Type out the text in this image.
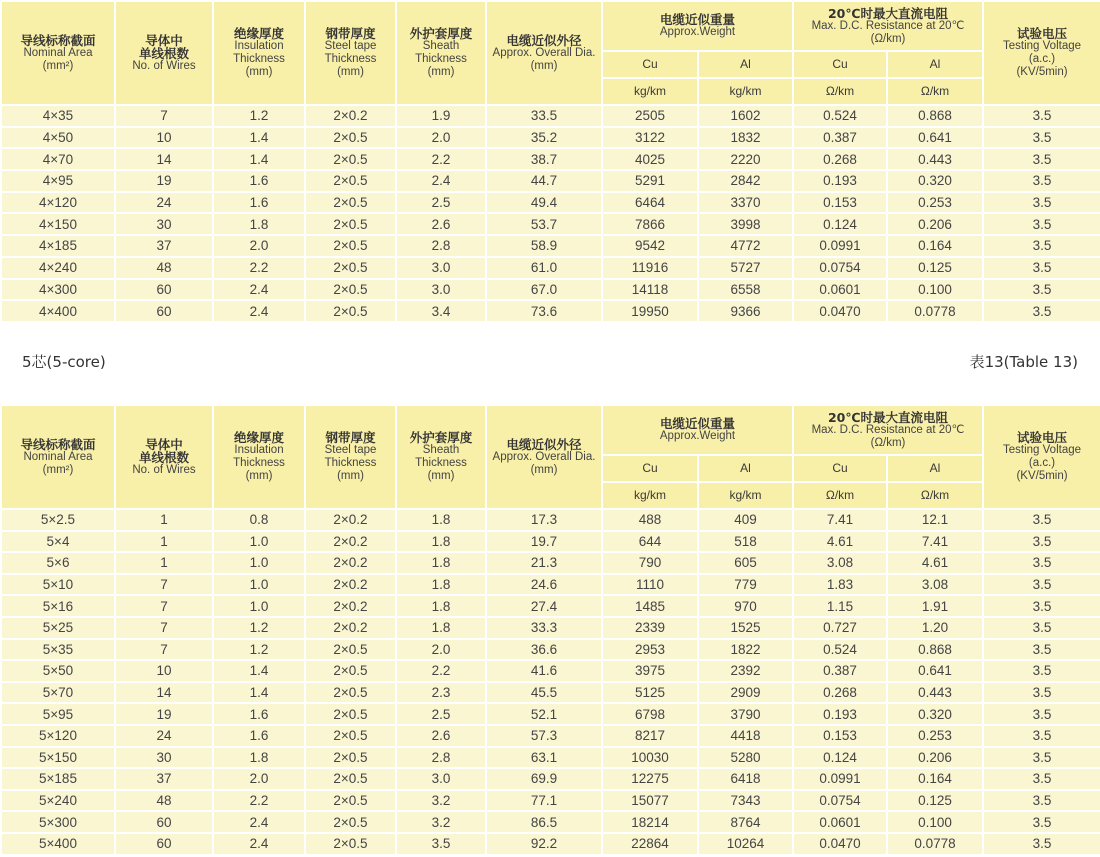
导线标称截面
Nominal Area
(mm²)	导体中
单线根数
No. of Wires	绝缘厚度
Insulation
Thickness
(mm)	钢带厚度
Steel tape
Thickness
(mm)	外护套厚度
Sheath
Thickness
(mm)	电缆近似外径
Approx. Overall Dia.
(mm)	电缆近似重量
Approx.Weight		20℃时最大直流电阻
Max. D.C. Resistance at 20℃
(Ω/km)		试验电压
Testing Voltage
(a.c.)
(KV/5min)

						Cu	Al	Cu	Al	
						kg/km	kg/km	Ω/km	Ω/km	
4×35	7	1.2	2×0.2	1.9	33.5	2505	1602	0.524	0.868	3.5
4×50	10	1.4	2×0.5	2.0	35.2	3122	1832	0.387	0.641	3.5
4×70	14	1.4	2×0.5	2.2	38.7	4025	2220	0.268	0.443	3.5
4×95	19	1.6	2×0.5	2.4	44.7	5291	2842	0.193	0.320	3.5
4×120	24	1.6	2×0.5	2.5	49.4	6464	3370	0.153	0.253	3.5
4×150	30	1.8	2×0.5	2.6	53.7	7866	3998	0.124	0.206	3.5
4×185	37	2.0	2×0.5	2.8	58.9	9542	4772	0.0991	0.164	3.5
4×240	48	2.2	2×0.5	3.0	61.0	11916	5727	0.0754	0.125	3.5
4×300	60	2.4	2×0.5	3.0	67.0	14118	6558	0.0601	0.100	3.5
4×400	60	2.4	2×0.5	3.4	73.6	19950	9366	0.0470	0.0778	3.5
5芯(5-core)	表13(Table 13)
导线标称截面
Nominal Area
(mm²)	导体中
单线根数
No. of Wires	绝缘厚度
Insulation
Thickness
(mm)	钢带厚度
Steel tape
Thickness
(mm)	外护套厚度
Sheath
Thickness
(mm)	电缆近似外径
Approx. Overall Dia.
(mm)	电缆近似重量
Approx.Weight		20℃时最大直流电阻
Max. D.C. Resistance at 20℃
(Ω/km)		试验电压
Testing Voltage
(a.c.)
(KV/5min)

						Cu	Al	Cu	Al	
						kg/km	kg/km	Ω/km	Ω/km	
5×2.5	1	0.8	2×0.2	1.8	17.3	488	409	7.41	12.1	3.5
5×4	1	1.0	2×0.2	1.8	19.7	644	518	4.61	7.41	3.5
5×6	1	1.0	2×0.2	1.8	21.3	790	605	3.08	4.61	3.5
5×10	7	1.0	2×0.2	1.8	24.6	1110	779	1.83	3.08	3.5
5×16	7	1.0	2×0.2	1.8	27.4	1485	970	1.15	1.91	3.5
5×25	7	1.2	2×0.2	1.8	33.3	2339	1525	0.727	1.20	3.5
5×35	7	1.2	2×0.5	2.0	36.6	2953	1822	0.524	0.868	3.5
5×50	10	1.4	2×0.5	2.2	41.6	3975	2392	0.387	0.641	3.5
5×70	14	1.4	2×0.5	2.3	45.5	5125	2909	0.268	0.443	3.5
5×95	19	1.6	2×0.5	2.5	52.1	6798	3790	0.193	0.320	3.5
5×120	24	1.6	2×0.5	2.6	57.3	8217	4418	0.153	0.253	3.5
5×150	30	1.8	2×0.5	2.8	63.1	10030	5280	0.124	0.206	3.5
5×185	37	2.0	2×0.5	3.0	69.9	12275	6418	0.0991	0.164	3.5
5×240	48	2.2	2×0.5	3.2	77.1	15077	7343	0.0754	0.125	3.5
5×300	60	2.4	2×0.5	3.2	86.5	18214	8764	0.0601	0.100	3.5
5×400	60	2.4	2×0.5	3.5	92.2	22864	10264	0.0470	0.0778	3.5
